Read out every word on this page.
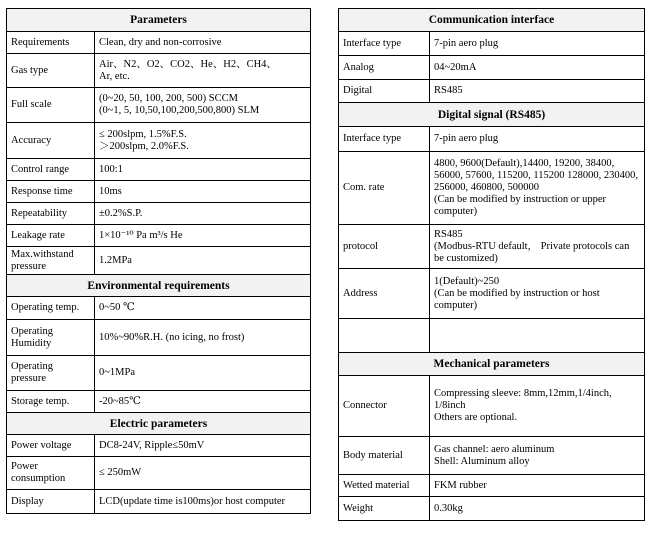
Parameters	
Requirements	Clean, dry and non-corrosive

Gas type	Air、N2、O2、CO2、He、H2、CH4、
Ar, etc.

Full scale	(0~20, 50, 100, 200, 500) SCCM
(0~1, 5, 10,50,100,200,500,800) SLM

Accuracy	≤ 200slpm, 1.5%F.S.
＞200slpm, 2.0%F.S.

Control range	100:1

Response time	10ms

Repeatability	±0.2%S.P.

Leakage rate	1×10⁻¹⁰ Pa m³/s He

Max.withstand pressure	1.2MPa

Environmental requirements	
Operating temp.	0~50 ℃

Operating Humidity	10%~90%R.H. (no icing, no frost)

Operating pressure	0~1MPa

Storage temp.	-20~85℃

Electric parameters	
Power voltage	DC8-24V, Ripple≤50mV

Power consumption	≤ 250mW

Display	LCD(update time is100ms)or host computer
Communication interface	
Interface type	7-pin aero plug

Analog	04~20mA

Digital	RS485

Digital signal (RS485)	
Interface type	7-pin aero plug

Com. rate	4800, 9600(Default),14400, 19200, 38400, 56000, 57600, 115200, 115200 128000, 230400, 256000, 460800, 500000
(Can be modified by instruction or upper computer)

protocol	RS485
(Modbus-RTU default， Private protocols can be customized)

Address	1(Default)~250
(Can be modified by instruction or host computer)

Mechanical parameters	
Connector	Compressing sleeve: 8mm,12mm,1/4inch, 1/8inch
Others are optional.

Body material	Gas channel: aero aluminum
Shell: Aluminum alloy

Wetted material	FKM rubber

Weight	0.30kg
